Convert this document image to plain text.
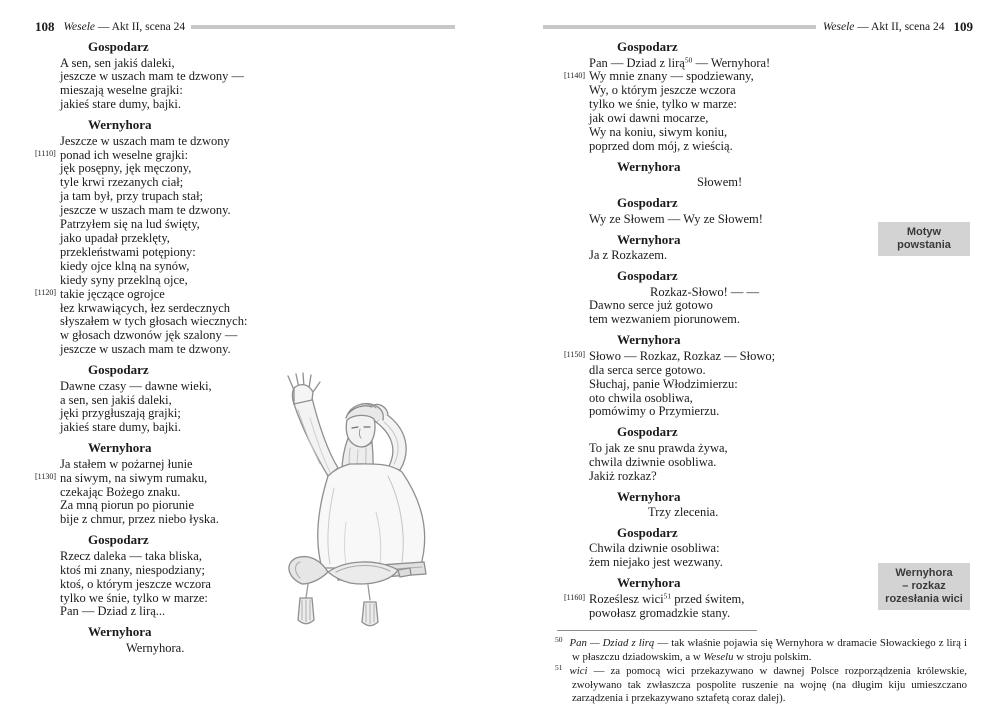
108 Wesele — Akt II, scena 24
Gospodarz
A sen, sen jakiś daleki,
jeszcze w uszach mam te dzwony —
mieszają weselne grajki:
jakieś stare dumy, bajki.
Wernyhora
Jeszcze w uszach mam te dzwony
[1110] ponad ich weselne grajki:
jęk posępny, jęk męczony,
tyle krwi rzezanych ciał;
ja tam był, przy trupach stał;
jeszcze w uszach mam te dzwony.
Patrzyłem się na lud święty,
jako upadał przeklęty,
przekleństwami potępiony:
kiedy ojce klną na synów,
kiedy syny przeklną ojce,
[1120] takie jęczące ogrojce
łez krwawiących, łez serdecznych
słyszałem w tych głosach wiecznych:
w głosach dzwonów jęk szalony —
jeszcze w uszach mam te dzwony.
Gospodarz
Dawne czasy — dawne wieki,
a sen, sen jakiś daleki,
jęki przygłuszają grajki;
jakieś stare dumy, bajki.
Wernyhora
Ja stałem w pożarnej łunie
[1130] na siwym, na siwym rumaku,
czekając Bożego znaku.
Za mną piorun po piorunie
bije z chmur, przez niebo łyska.
Gospodarz
Rzecz daleka — taka bliska,
ktoś mi znany, niespodziany;
ktoś, o którym jeszcze wczora
tylko we śnie, tylko w marze:
Pan — Dziad z lirą...
Wernyhora
Wernyhora.
Wesele — Akt II, scena 24 109
Gospodarz
Pan — Dziad z lirą$^{50}$ — Wernyhora!
[1140] Wy mnie znany — spodziewany,
Wy, o którym jeszcze wczora
tylko we śnie, tylko w marze:
jak owi dawni mocarze,
Wy na koniu, siwym koniu,
poprzed dom mój, z wieścią.
Wernyhora
Słowem!
Gospodarz
Wy ze Słowem — Wy ze Słowem!
Wernyhora
Ja z Rozkazem.
Gospodarz
Rozkaz-Słowo! — —
Dawno serce już gotowo
tem wezwaniem piorunowem.
Wernyhora
[1150] Słowo — Rozkaz, Rozkaz — Słowo;
dla serca serce gotowo.
Słuchaj, panie Włodzimierzu:
oto chwila osobliwa,
pomówimy o Przymierzu.
Gospodarz
To jak ze snu prawda żywa,
chwila dziwnie osobliwa.
Jakiż rozkaz?
Wernyhora
Trzy zlecenia.
Gospodarz
Chwila dziwnie osobliwa:
żem niejako jest wezwany.
Wernyhora
[1160] Roześlesz wici$^{51}$ przed świtem,
powołasz gromadzkie stany.
Motyw
powstania
Wernyhora
– rozkaz
rozesłania wici
$^{50}$ Pan — Dziad z lirą — tak właśnie pojawia się Wernyhora w dramacie Słowackiego z lirą i w płaszczu dziadowskim, a w Weselu w stroju polskim.
$^{51}$ wici — za pomocą wici przekazywano w dawnej Polsce rozporządzenia królewskie, zwoływano tak zwłaszcza pospolite ruszenie na wojnę (na długim kiju umieszczano zarządzenia i przekazywano sztafetą coraz dalej).
